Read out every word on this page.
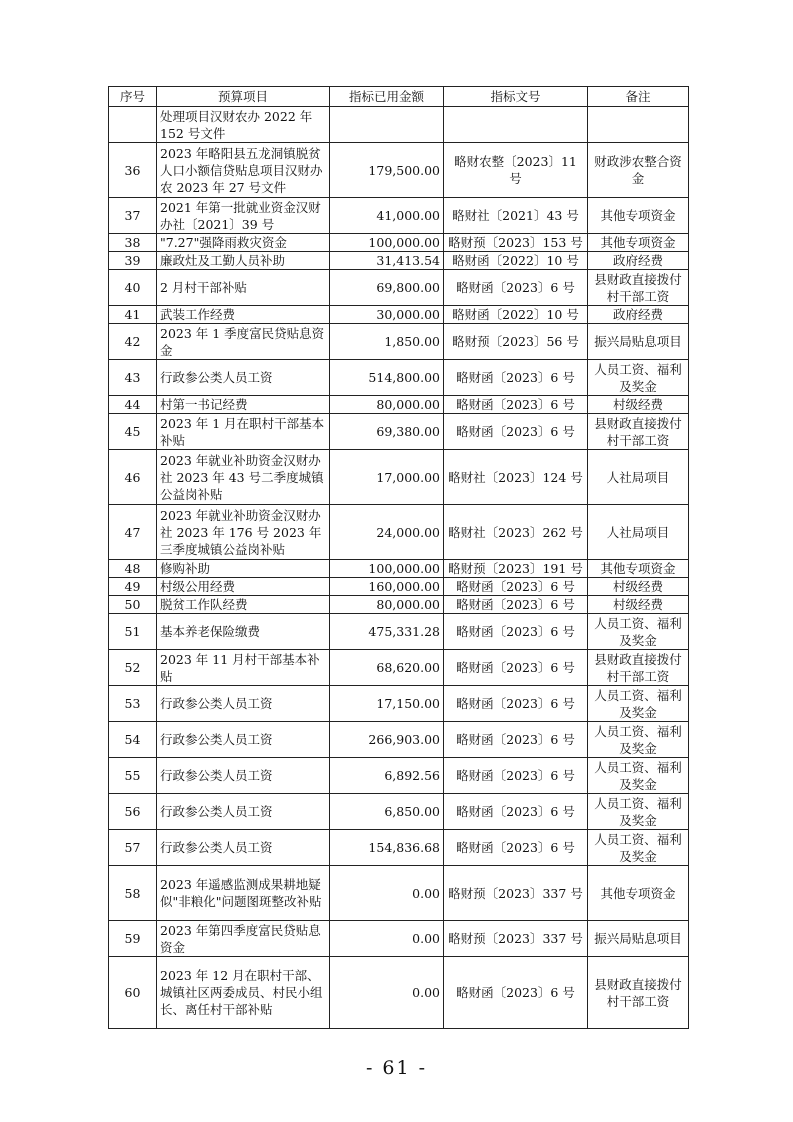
序号	预算项目	指标已用金额	指标文号	备注
	处理项目汉财农办 2022 年 152 号文件			
36	2023 年略阳县五龙洞镇脱贫人口小额信贷贴息项目汉财办农 2023 年 27 号文件	179,500.00	略财农整〔2023〕11 号	财政涉农整合资金
37	2021 年第一批就业资金汉财办社〔2021〕39 号	41,000.00	略财社〔2021〕43 号	其他专项资金
38	"7.27"强降雨救灾资金	100,000.00	略财预〔2023〕153 号	其他专项资金
39	廉政灶及工勤人员补助	31,413.54	略财函〔2022〕10 号	政府经费
40	2 月村干部补贴	69,800.00	略财函〔2023〕6 号	县财政直接拨付村干部工资
41	武装工作经费	30,000.00	略财函〔2022〕10 号	政府经费
42	2023 年 1 季度富民贷贴息资金	1,850.00	略财预〔2023〕56 号	振兴局贴息项目
43	行政参公类人员工资	514,800.00	略财函〔2023〕6 号	人员工资、福利及奖金
44	村第一书记经费	80,000.00	略财函〔2023〕6 号	村级经费
45	2023 年 1 月在职村干部基本补贴	69,380.00	略财函〔2023〕6 号	县财政直接拨付村干部工资
46	2023 年就业补助资金汉财办社 2023 年 43 号二季度城镇公益岗补贴	17,000.00	略财社〔2023〕124 号	人社局项目
47	2023 年就业补助资金汉财办社 2023 年 176 号 2023 年三季度城镇公益岗补贴	24,000.00	略财社〔2023〕262 号	人社局项目
48	修购补助	100,000.00	略财预〔2023〕191 号	其他专项资金
49	村级公用经费	160,000.00	略财函〔2023〕6 号	村级经费
50	脱贫工作队经费	80,000.00	略财函〔2023〕6 号	村级经费
51	基本养老保险缴费	475,331.28	略财函〔2023〕6 号	人员工资、福利及奖金
52	2023 年 11 月村干部基本补贴	68,620.00	略财函〔2023〕6 号	县财政直接拨付村干部工资
53	行政参公类人员工资	17,150.00	略财函〔2023〕6 号	人员工资、福利及奖金
54	行政参公类人员工资	266,903.00	略财函〔2023〕6 号	人员工资、福利及奖金
55	行政参公类人员工资	6,892.56	略财函〔2023〕6 号	人员工资、福利及奖金
56	行政参公类人员工资	6,850.00	略财函〔2023〕6 号	人员工资、福利及奖金
57	行政参公类人员工资	154,836.68	略财函〔2023〕6 号	人员工资、福利及奖金
58	2023 年遥感监测成果耕地疑似"非粮化"问题图斑整改补贴	0.00	略财预〔2023〕337 号	其他专项资金
59	2023 年第四季度富民贷贴息资金	0.00	略财预〔2023〕337 号	振兴局贴息项目
60	2023 年 12 月在职村干部、城镇社区两委成员、村民小组长、离任村干部补贴	0.00	略财函〔2023〕6 号	县财政直接拨付村干部工资
- 61 -
